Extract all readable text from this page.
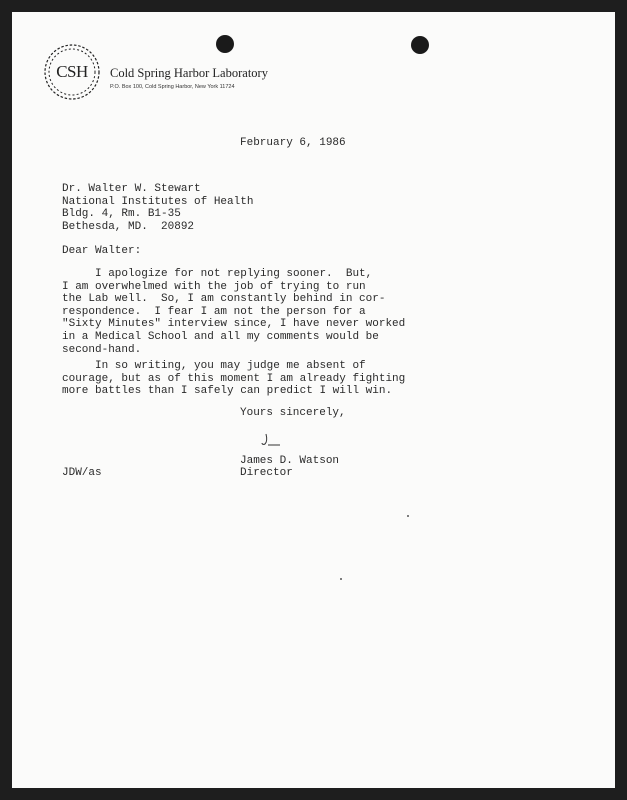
CSH	Cold Spring Harbor Laboratory
P.O. Box 100, Cold Spring Harbor, New York 11724
February 6, 1986
Dr. Walter W. Stewart
National Institutes of Health
Bldg. 4, Rm. B1-35
Bethesda, MD.  20892
Dear Walter:
I apologize for not replying sooner.  But,
I am overwhelmed with the job of trying to run
the Lab well.  So, I am constantly behind in cor-
respondence.  I fear I am not the person for a
"Sixty Minutes" interview since, I have never worked
in a Medical School and all my comments would be
second-hand.
In so writing, you may judge me absent of
courage, but as of this moment I am already fighting
more battles than I safely can predict I will win.
Yours sincerely,
James D. Watson
Director
JDW/as
